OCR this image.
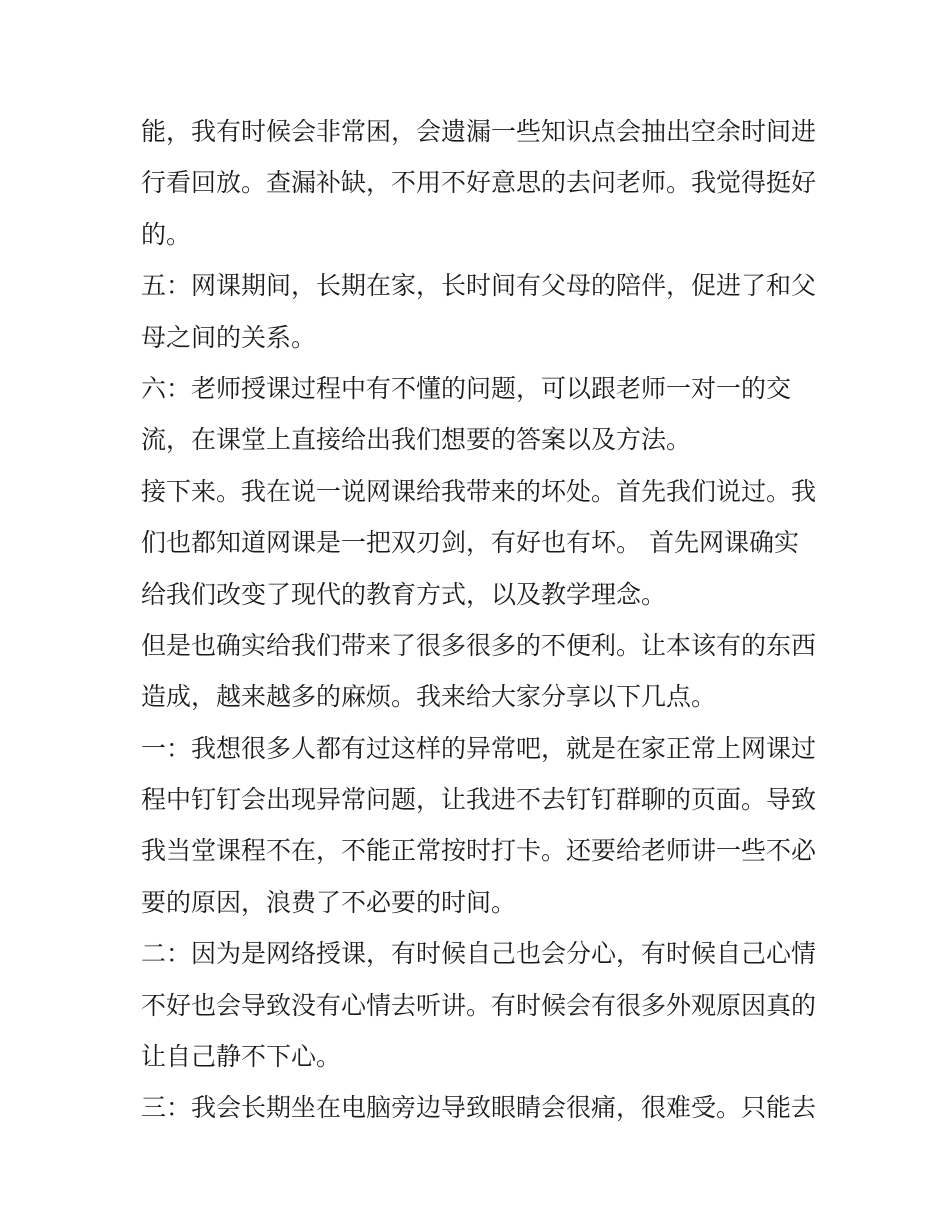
能，我有时候会非常困，会遗漏一些知识点会抽出空余时间进
行看回放。查漏补缺，不用不好意思的去问老师。我觉得挺好
的。
五：网课期间，长期在家，长时间有父母的陪伴，促进了和父
母之间的关系。
六：老师授课过程中有不懂的问题，可以跟老师一对一的交
流，在课堂上直接给出我们想要的答案以及方法。
接下来。我在说一说网课给我带来的坏处。首先我们说过。我
们也都知道网课是一把双刃剑，有好也有坏。 首先网课确实
给我们改变了现代的教育方式，以及教学理念。
但是也确实给我们带来了很多很多的不便利。让本该有的东西
造成，越来越多的麻烦。我来给大家分享以下几点。
一：我想很多人都有过这样的异常吧，就是在家正常上网课过
程中钉钉会出现异常问题，让我进不去钉钉群聊的页面。导致
我当堂课程不在，不能正常按时打卡。还要给老师讲一些不必
要的原因，浪费了不必要的时间。
二：因为是网络授课，有时候自己也会分心，有时候自己心情
不好也会导致没有心情去听讲。有时候会有很多外观原因真的
让自己静不下心。
三：我会长期坐在电脑旁边导致眼睛会很痛，很难受。只能去
